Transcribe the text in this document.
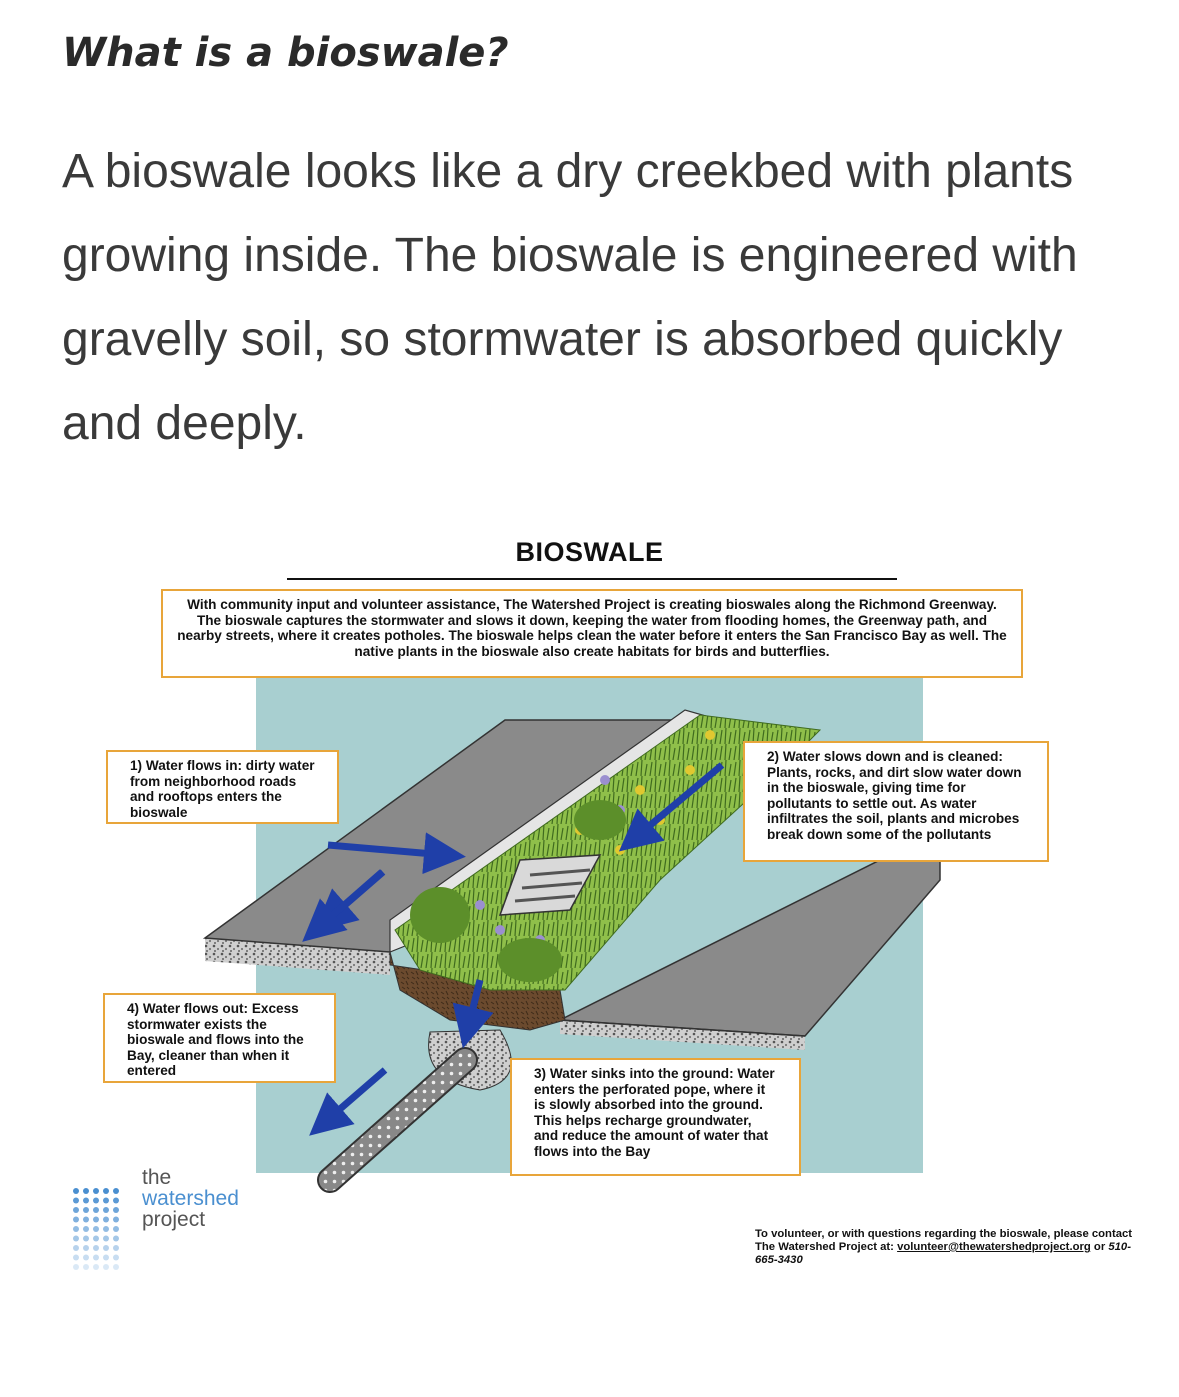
What is a bioswale?

A bioswale looks like a dry creekbed with plants growing inside. The bioswale is engineered with gravelly soil, so stormwater is absorbed quickly and deeply.

BIOSWALE
With community input and volunteer assistance, The Watershed Project is creating bioswales along the Richmond Greenway. The bioswale captures the stormwater and slows it down, keeping the water from flooding homes, the Greenway path, and nearby streets, where it creates potholes. The bioswale helps clean the water before it enters the San Francisco Bay as well. The native plants in the bioswale also create habitats for birds and butterflies.
1) Water flows in: dirty water from neighborhood roads and rooftops enters the bioswale
2) Water slows down and is cleaned: Plants, rocks, and dirt slow water down in the bioswale, giving time for pollutants to settle out. As water infiltrates the soil, plants and microbes break down some of the pollutants
3) Water sinks into the ground: Water enters the perforated pope, where it is slowly absorbed into the ground. This helps recharge groundwater, and reduce the amount of water that flows into the Bay
4) Water flows out: Excess stormwater exists the bioswale and flows into the Bay, cleaner than when it entered
the
watershed
project
To volunteer, or with questions regarding the bioswale, please contact The Watershed Project at: volunteer@thewatershedproject.org or 510-665-3430
